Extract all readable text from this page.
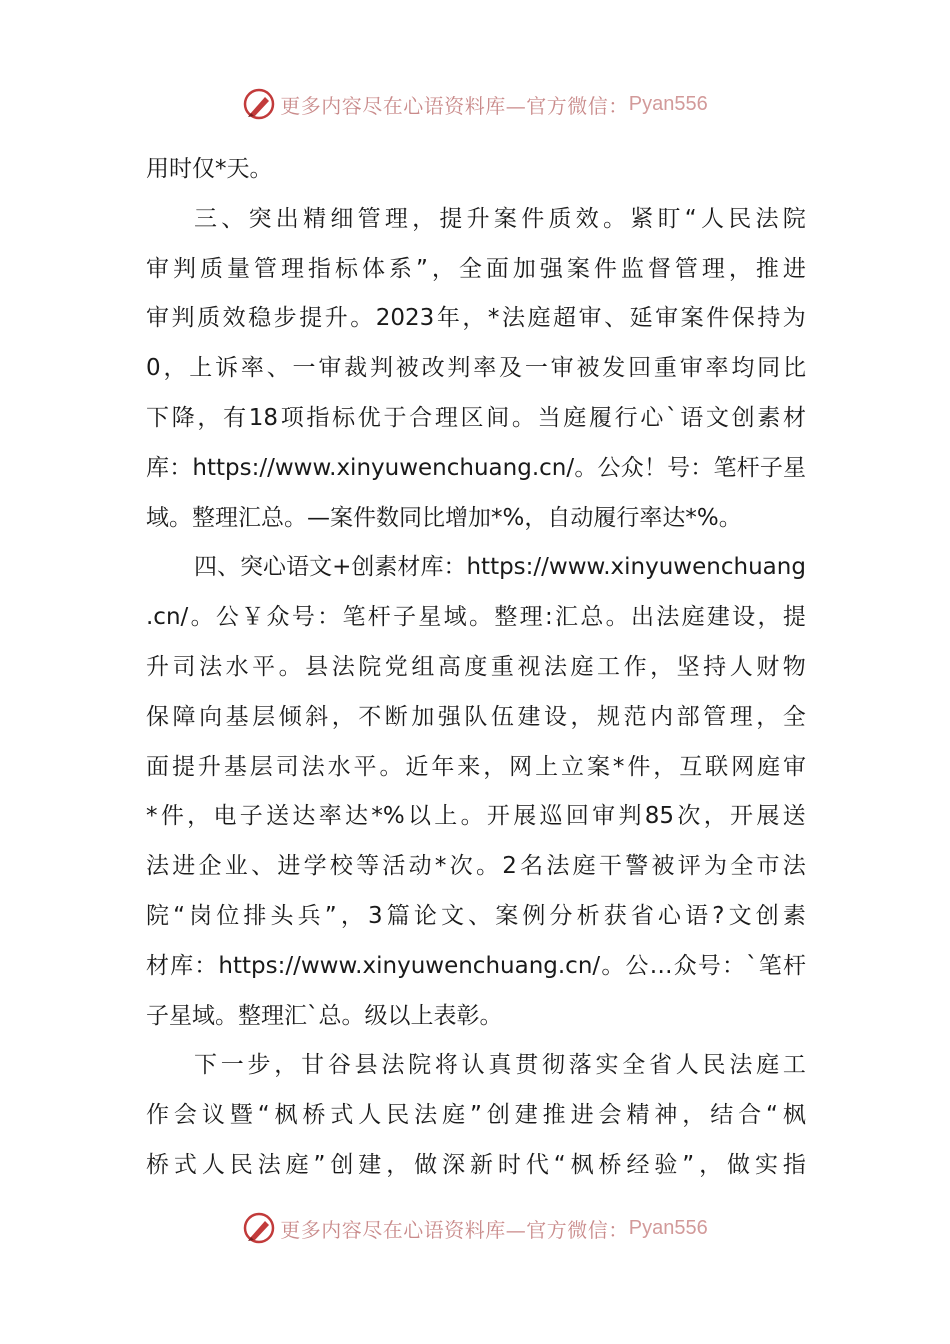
更多内容尽在心语资料库—官方微信： Pyan556
用时仅*天。
三 、 突 出 精 细 管 理 ， 提 升 案 件 质 效 。 紧 盯 “ 人 民 法 院
审 判 质 量 管 理 指 标 体 系 ” ， 全 面 加 强 案 件 监 督 管 理 ， 推 进
审 判 质 效 稳 步 提 升 。 2023 年 ， * 法 庭 超 审 、 延 审 案 件 保 持 为
0 ， 上 诉 率 、 一 审 裁 判 被 改 判 率 及 一 审 被 发 回 重 审 率 均 同 比
下 降 ， 有 18 项 指 标 优 于 合 理 区 间 。 当 庭 履 行 心 ` 语 文 创 素 材
库 ： https://www.xinyuwenchuang.cn/ 。 公 众 ！ 号 ： 笔 杆 子 星
域。整理汇总。—案件数同比增加*%，自动履行率达*%。
四 、 突 心 语 文 + 创 素 材 库 ： https://www.xinyuwenchuang
.cn/ 。 公 ￥ 众 号 ： 笔 杆 子 星 域 。 整 理 : 汇 总 。 出 法 庭 建 设 ， 提
升 司 法 水 平 。 县 法 院 党 组 高 度 重 视 法 庭 工 作 ， 坚 持 人 财 物
保 障 向 基 层 倾 斜 ， 不 断 加 强 队 伍 建 设 ， 规 范 内 部 管 理 ， 全
面 提 升 基 层 司 法 水 平 。 近 年 来 ， 网 上 立 案 * 件 ， 互 联 网 庭 审
* 件 ， 电 子 送 达 率 达 *% 以 上 。 开 展 巡 回 审 判 85 次 ， 开 展 送
法 进 企 业 、 进 学 校 等 活 动 * 次 。 2 名 法 庭 干 警 被 评 为 全 市 法
院 “ 岗 位 排 头 兵 ” ， 3 篇 论 文 、 案 例 分 析 获 省 心 语 ? 文 创 素
材 库 ： https://www.xinyuwenchuang.cn/ 。 公 … 众 号 ： ` 笔 杆
子星域。整理汇`总。级以上表彰。
下 一 步 ， 甘 谷 县 法 院 将 认 真 贯 彻 落 实 全 省 人 民 法 庭 工
作 会 议 暨 “ 枫 桥 式 人 民 法 庭 ” 创 建 推 进 会 精 神 ， 结 合 “ 枫
桥 式 人 民 法 庭 ” 创 建 ， 做 深 新 时 代 “ 枫 桥 经 验 ” ， 做 实 指
更多内容尽在心语资料库—官方微信： Pyan556
